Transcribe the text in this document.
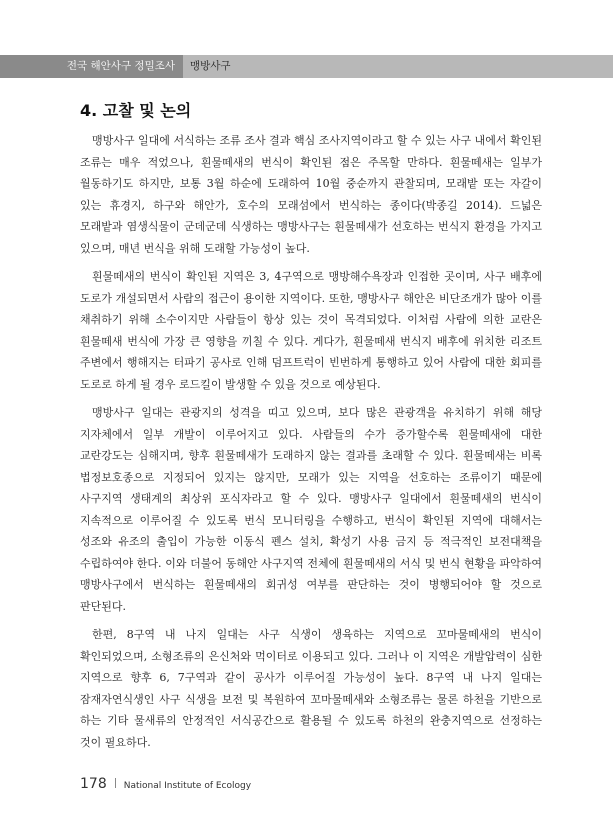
전국 해안사구 정밀조사	맹방사구
4. 고찰 및 논의

맹방사구 일대에 서식하는 조류 조사 결과 핵심 조사지역이라고 할 수 있는 사구 내에서 확인된 조류는 매우 적었으나, 흰물떼새의 번식이 확인된 점은 주목할 만하다. 흰물떼새는 일부가 월동하기도 하지만, 보통 3월 하순에 도래하여 10월 중순까지 관찰되며, 모래밭 또는 자갈이 있는 휴경지, 하구와 해안가, 호수의 모래섬에서 번식하는 종이다(박종길 2014). 드넓은 모래밭과 염생식물이 군데군데 식생하는 맹방사구는 흰물떼새가 선호하는 번식지 환경을 가지고 있으며, 매년 번식을 위해 도래할 가능성이 높다.

흰물떼새의 번식이 확인된 지역은 3, 4구역으로 맹방해수욕장과 인접한 곳이며, 사구 배후에 도로가 개설되면서 사람의 접근이 용이한 지역이다. 또한, 맹방사구 해안은 비단조개가 많아 이를 채취하기 위해 소수이지만 사람들이 항상 있는 것이 목격되었다. 이처럼 사람에 의한 교란은 흰물떼새 번식에 가장 큰 영향을 끼칠 수 있다. 게다가, 흰물떼새 번식지 배후에 위치한 리조트 주변에서 행해지는 터파기 공사로 인해 덤프트럭이 빈번하게 통행하고 있어 사람에 대한 회피를 도로로 하게 될 경우 로드킬이 발생할 수 있을 것으로 예상된다.

맹방사구 일대는 관광지의 성격을 띠고 있으며, 보다 많은 관광객을 유치하기 위해 해당 지자체에서 일부 개발이 이루어지고 있다. 사람들의 수가 증가할수록 흰물떼새에 대한 교란강도는 심해지며, 향후 흰물떼새가 도래하지 않는 결과를 초래할 수 있다. 흰물떼새는 비록 법정보호종으로 지정되어 있지는 않지만, 모래가 있는 지역을 선호하는 조류이기 때문에 사구지역 생태계의 최상위 포식자라고 할 수 있다. 맹방사구 일대에서 흰물떼새의 번식이 지속적으로 이루어질 수 있도록 번식 모니터링을 수행하고, 번식이 확인된 지역에 대해서는 성조와 유조의 출입이 가능한 이동식 펜스 설치, 확성기 사용 금지 등 적극적인 보전대책을 수립하여야 한다. 이와 더불어 동해안 사구지역 전체에 흰물떼새의 서식 및 번식 현황을 파악하여 맹방사구에서 번식하는 흰물떼새의 회귀성 여부를 판단하는 것이 병행되어야 할 것으로 판단된다.

한편, 8구역 내 나지 일대는 사구 식생이 생육하는 지역으로 꼬마물떼새의 번식이 확인되었으며, 소형조류의 은신처와 먹이터로 이용되고 있다. 그러나 이 지역은 개발압력이 심한 지역으로 향후 6, 7구역과 같이 공사가 이루어질 가능성이 높다. 8구역 내 나지 일대는 잠재자연식생인 사구 식생을 보전 및 복원하여 꼬마물떼새와 소형조류는 물론 하천을 기반으로 하는 기타 물새류의 안정적인 서식공간으로 활용될 수 있도록 하천의 완충지역으로 선정하는 것이 필요하다.

178 National Institute of Ecology
